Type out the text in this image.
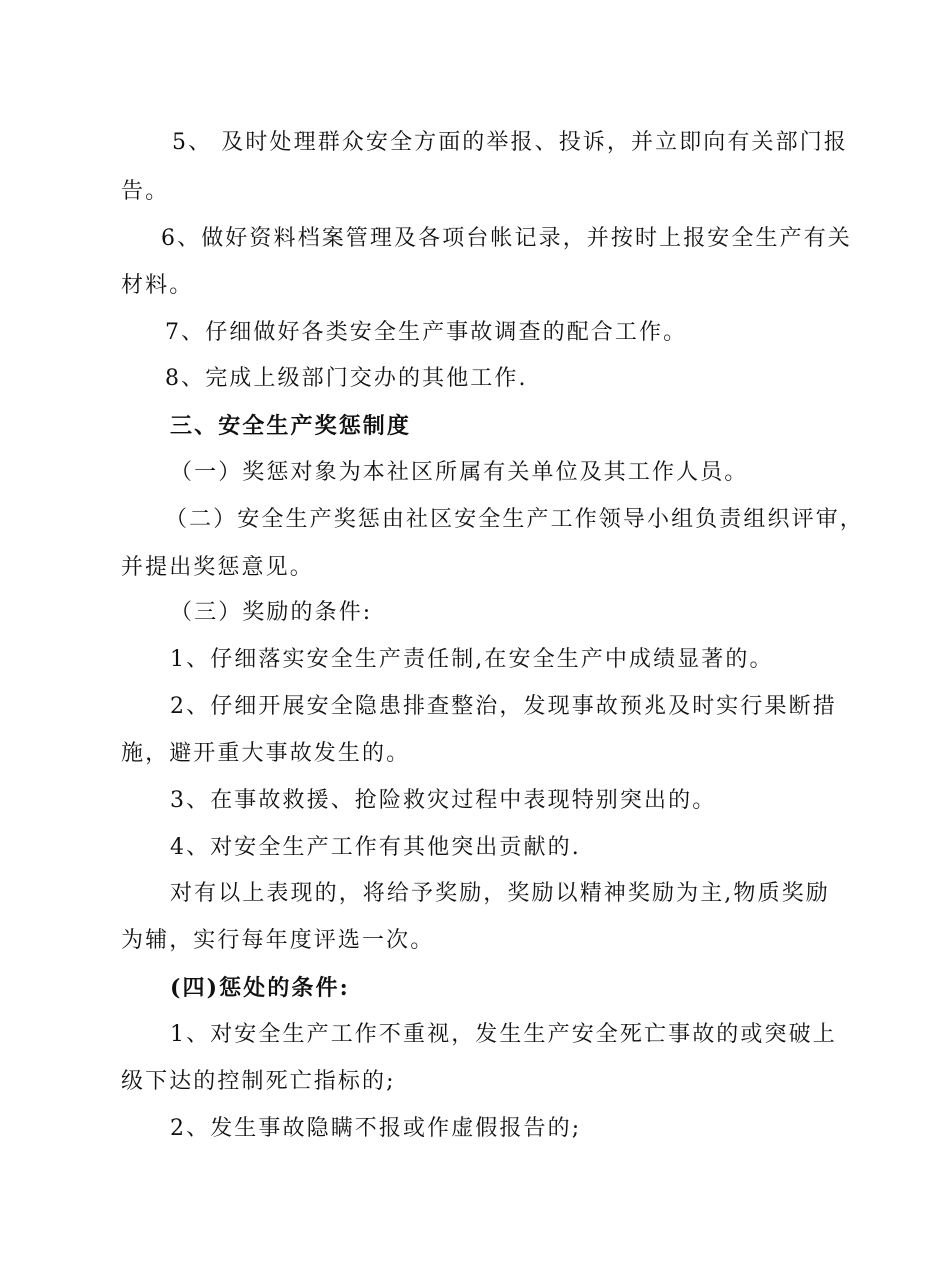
5、 及时处理群众安全方面的举报、投诉，并立即向有关部门报
告。
6、做好资料档案管理及各项台帐记录，并按时上报安全生产有关
材料。
7、仔细做好各类安全生产事故调查的配合工作。
8、完成上级部门交办的其他工作.
三、安全生产奖惩制度
（一）奖惩对象为本社区所属有关单位及其工作人员。
（二）安全生产奖惩由社区安全生产工作领导小组负责组织评审，
并提出奖惩意见。
（三）奖励的条件:
1、仔细落实安全生产责任制,在安全生产中成绩显著的。
2、仔细开展安全隐患排查整治，发现事故预兆及时实行果断措
施，避开重大事故发生的。
3、在事故救援、抢险救灾过程中表现特别突出的。
4、对安全生产工作有其他突出贡献的.
对有以上表现的，将给予奖励，奖励以精神奖励为主,物质奖励
为辅，实行每年度评选一次。
(四)惩处的条件:
1、对安全生产工作不重视，发生生产安全死亡事故的或突破上
级下达的控制死亡指标的;
2、发生事故隐瞒不报或作虚假报告的;
